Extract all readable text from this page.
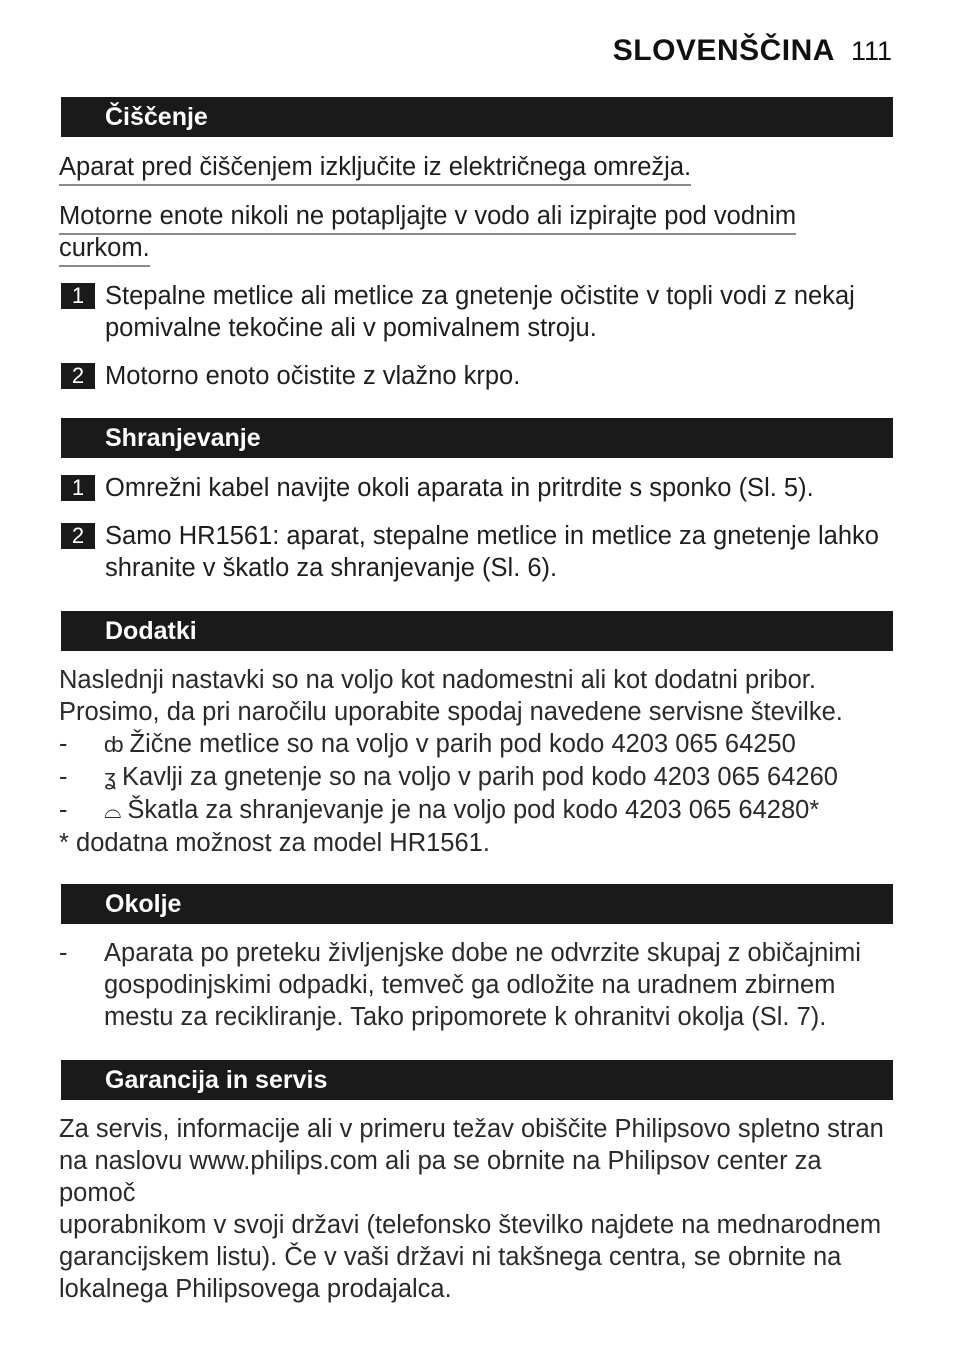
SLOVENŠČINA 111
Čiščenje
Aparat pred čiščenjem izključite iz električnega omrežja.
Motorne enote nikoli ne potapljajte v vodo ali izpirajte pod vodnim
curkom.
1 Stepalne metlice ali metlice za gnetenje očistite v topli vodi z nekaj
pomivalne tekočine ali v pomivalnem stroju.
2 Motorno enoto očistite z vlažno krpo.
Shranjevanje
1 Omrežni kabel navijte okoli aparata in pritrdite s sponko (Sl. 5).
2 Samo HR1561: aparat, stepalne metlice in metlice za gnetenje lahko
shranite v škatlo za shranjevanje (Sl. 6).
Dodatki
Naslednji nastavki so na voljo kot nadomestni ali kot dodatni pribor.
Prosimo, da pri naročilu uporabite spodaj navedene servisne številke.
-	ȸ Žične metlice so na voljo v parih pod kodo 4203 065 64250
-	ʓ Kavlji za gnetenje so na voljo v parih pod kodo 4203 065 64260
-	⌓ Škatla za shranjevanje je na voljo pod kodo 4203 065 64280*
* dodatna možnost za model HR1561.
Okolje
-	Aparata po preteku življenjske dobe ne odvrzite skupaj z običajnimi
gospodinjskimi odpadki, temveč ga odložite na uradnem zbirnem
mestu za recikliranje. Tako pripomorete k ohranitvi okolja (Sl. 7).
Garancija in servis
Za servis, informacije ali v primeru težav obiščite Philipsovo spletno stran
na naslovu www.philips.com ali pa se obrnite na Philipsov center za pomoč
uporabnikom v svoji državi (telefonsko številko najdete na mednarodnem
garancijskem listu). Če v vaši državi ni takšnega centra, se obrnite na
lokalnega Philipsovega prodajalca.
